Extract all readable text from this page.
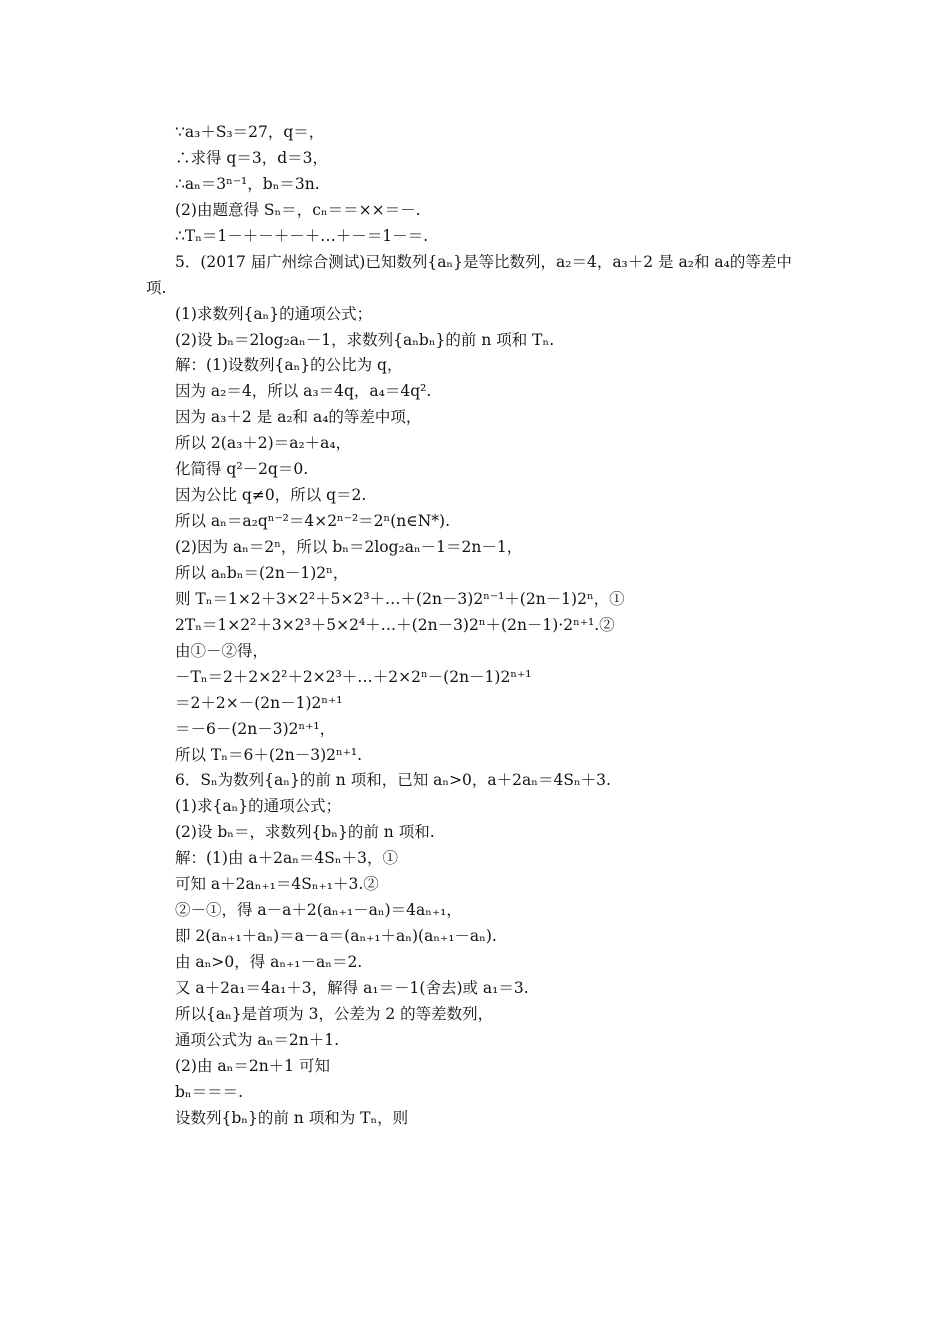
∵a₃＋S₃＝27，q＝，
∴求得 q＝3，d＝3，
∴aₙ＝3ⁿ⁻¹，bₙ＝3n.
(2)由题意得 Sₙ＝，cₙ＝＝××＝－.
∴Tₙ＝1－＋－＋－＋…＋－＝1－＝.
5．(2017 届广州综合测试)已知数列{aₙ}是等比数列，a₂＝4，a₃＋2 是 a₂和 a₄的等差中
项.
(1)求数列{aₙ}的通项公式；
(2)设 bₙ＝2log₂aₙ－1，求数列{aₙbₙ}的前 n 项和 Tₙ.
解：(1)设数列{aₙ}的公比为 q，
因为 a₂＝4，所以 a₃＝4q，a₄＝4q².
因为 a₃＋2 是 a₂和 a₄的等差中项，
所以 2(a₃＋2)＝a₂＋a₄，
化简得 q²－2q＝0.
因为公比 q≠0，所以 q＝2.
所以 aₙ＝a₂qⁿ⁻²＝4×2ⁿ⁻²＝2ⁿ(n∈N*).
(2)因为 aₙ＝2ⁿ，所以 bₙ＝2log₂aₙ－1＝2n－1，
所以 aₙbₙ＝(2n－1)2ⁿ，
则 Tₙ＝1×2＋3×2²＋5×2³＋…＋(2n－3)2ⁿ⁻¹＋(2n－1)2ⁿ，①
2Tₙ＝1×2²＋3×2³＋5×2⁴＋…＋(2n－3)2ⁿ＋(2n－1)·2ⁿ⁺¹.②
由①－②得，
－Tₙ＝2＋2×2²＋2×2³＋…＋2×2ⁿ－(2n－1)2ⁿ⁺¹
＝2＋2×－(2n－1)2ⁿ⁺¹
＝－6－(2n－3)2ⁿ⁺¹，
所以 Tₙ＝6＋(2n－3)2ⁿ⁺¹.
6．Sₙ为数列{aₙ}的前 n 项和，已知 aₙ>0，a＋2aₙ＝4Sₙ＋3.
(1)求{aₙ}的通项公式；
(2)设 bₙ＝，求数列{bₙ}的前 n 项和.
解：(1)由 a＋2aₙ＝4Sₙ＋3，①
可知 a＋2aₙ₊₁＝4Sₙ₊₁＋3.②
②－①，得 a－a＋2(aₙ₊₁－aₙ)＝4aₙ₊₁，
即 2(aₙ₊₁＋aₙ)＝a－a＝(aₙ₊₁＋aₙ)(aₙ₊₁－aₙ).
由 aₙ>0，得 aₙ₊₁－aₙ＝2.
又 a＋2a₁＝4a₁＋3，解得 a₁＝－1(舍去)或 a₁＝3.
所以{aₙ}是首项为 3，公差为 2 的等差数列，
通项公式为 aₙ＝2n＋1.
(2)由 aₙ＝2n＋1 可知
bₙ＝＝＝.
设数列{bₙ}的前 n 项和为 Tₙ，则
